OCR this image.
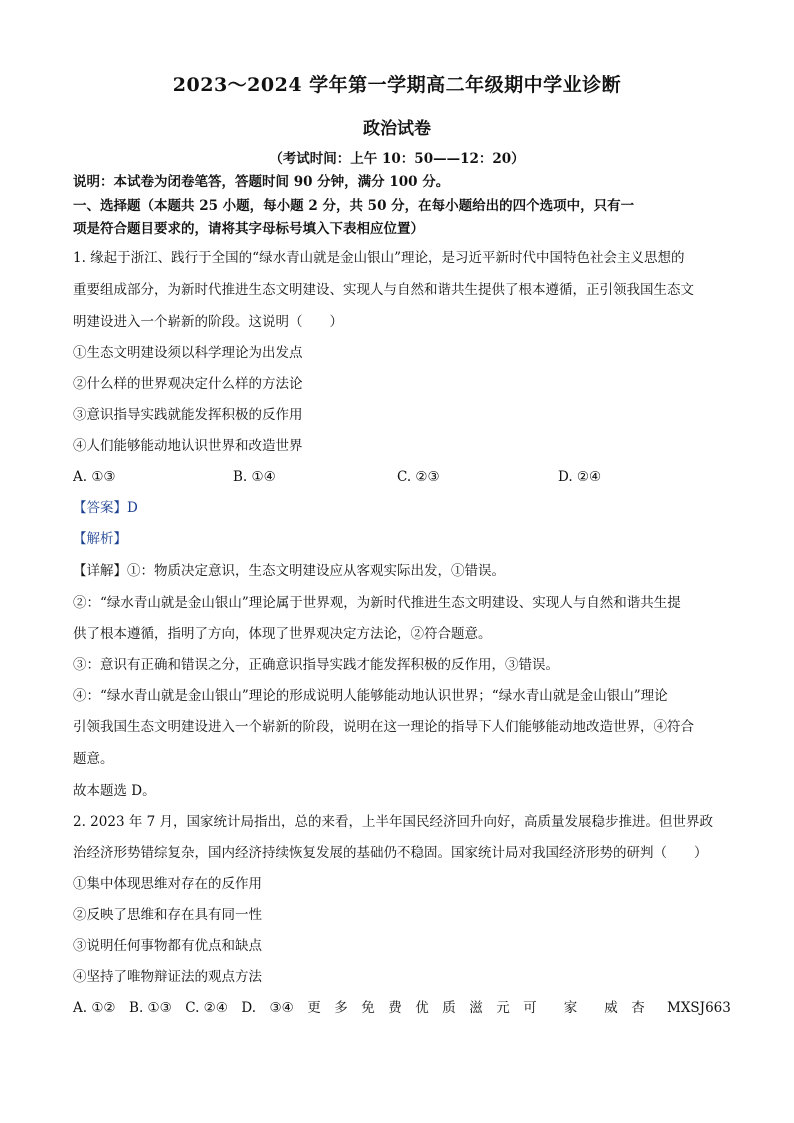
2023～2024 学年第一学期高二年级期中学业诊断
政治试卷
（考试时间：上午 10：50——12：20）
说明：本试卷为闭卷笔答，答题时间 90 分钟，满分 100 分。
一、选择题（本题共 25 小题，每小题 2 分，共 50 分，在每小题给出的四个选项中，只有一
项是符合题目要求的，请将其字母标号填入下表相应位置）
1. 缘起于浙江、践行于全国的“绿水青山就是金山银山”理论，是习近平新时代中国特色社会主义思想的
重要组成部分，为新时代推进生态文明建设、实现人与自然和谐共生提供了根本遵循，正引领我国生态文
明建设进入一个崭新的阶段。这说明（　　）
①生态文明建设须以科学理论为出发点
②什么样的世界观决定什么样的方法论
③意识指导实践就能发挥积极的反作用
④人们能够能动地认识世界和改造世界
A. ①③	B. ①④	C. ②③	D. ②④
【答案】D
【解析】
【详解】①：物质决定意识，生态文明建设应从客观实际出发，①错误。
②：“绿水青山就是金山银山”理论属于世界观，为新时代推进生态文明建设、实现人与自然和谐共生提
供了根本遵循，指明了方向，体现了世界观决定方法论，②符合题意。
③：意识有正确和错误之分，正确意识指导实践才能发挥积极的反作用，③错误。
④：“绿水青山就是金山银山”理论的形成说明人能够能动地认识世界；“绿水青山就是金山银山”理论
引领我国生态文明建设进入一个崭新的阶段，说明在这一理论的指导下人们能够能动地改造世界，④符合
题意。
故本题选 D。
2. 2023 年 7 月，国家统计局指出，总的来看，上半年国民经济回升向好，高质量发展稳步推进。但世界政
治经济形势错综复杂，国内经济持续恢复发展的基础仍不稳固。国家统计局对我国经济形势的研判（　　）
①集中体现思维对存在的反作用
②反映了思维和存在具有同一性
③说明任何事物都有优点和缺点
④坚持了唯物辩证法的观点方法
A. ①②　B. ①③　C. ②④　D.　③④　更　多　免　费　优　质　滋　元　可　　家　　威　杏 MXSJ663
